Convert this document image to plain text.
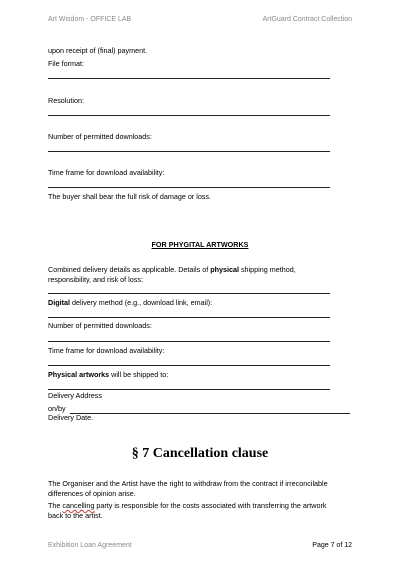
Art Wisdom - OFFICE LAB	ArtGuard Contract Collection
upon receipt of (final) payment.
File format:
Resolution:
Number of permitted downloads:
Time frame for download availability:
The buyer shall bear the full risk of damage or loss.
FOR PHYGITAL ARTWORKS
Combined delivery details as applicable. Details of physical shipping method,
responsibility, and risk of loss:
Digital delivery method (e.g., download link, email):
Number of permitted downloads:
Time frame for download availability:
Physical artworks will be shipped to:
Delivery Address
on/by
Delivery Date.
§ 7 Cancellation clause
The Organiser and the Artist have the right to withdraw from the contract if irreconcilable
differences of opinion arise.
The cancelling party is responsible for the costs associated with transferring the artwork
back to the artist.
Exhibition Loan Agreement	Page 7 of 12
